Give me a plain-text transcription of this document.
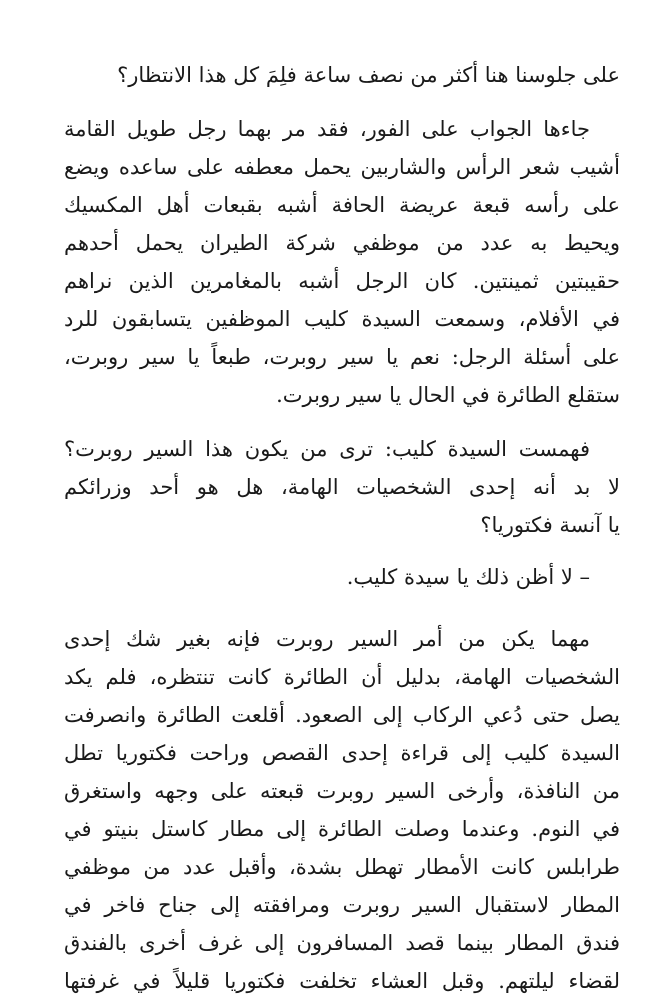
على جلوسنا هنا أكثر من نصف ساعة فلِمَ كل هذا الانتظار؟
جاءها الجواب على الفور، فقد مر بهما رجل طويل القامة
أشيب شعر الرأس والشاربين يحمل معطفه على ساعده ويضع
على رأسه قبعة عريضة الحافة أشبه بقبعات أهل المكسيك
ويحيط به عدد من موظفي شركة الطيران يحمل أحدهم
حقيبتين ثمينتين. كان الرجل أشبه بالمغامرين الذين نراهم
في الأفلام، وسمعت السيدة كليب الموظفين يتسابقون للرد
على أسئلة الرجل: نعم يا سير روبرت، طبعاً يا سير روبرت،
ستقلع الطائرة في الحال يا سير روبرت.
فهمست السيدة كليب: ترى من يكون هذا السير روبرت؟
لا بد أنه إحدى الشخصيات الهامة، هل هو أحد وزرائكم
يا آنسة فكتوريا؟
– لا أظن ذلك يا سيدة كليب.
مهما يكن من أمر السير روبرت فإنه بغير شك إحدى
الشخصيات الهامة، بدليل أن الطائرة كانت تنتظره، فلم يكد
يصل حتى دُعي الركاب إلى الصعود. أقلعت الطائرة وانصرفت
السيدة كليب إلى قراءة إحدى القصص وراحت فكتوريا تطل
من النافذة، وأرخى السير روبرت قبعته على وجهه واستغرق
في النوم. وعندما وصلت الطائرة إلى مطار كاستل بنيتو في
طرابلس كانت الأمطار تهطل بشدة، وأقبل عدد من موظفي
المطار لاستقبال السير روبرت ومرافقته إلى جناح فاخر في
فندق المطار بينما قصد المسافرون إلى غرف أخرى بالفندق
لقضاء ليلتهم. وقبل العشاء تخلفت فكتوريا قليلاً في غرفتها
